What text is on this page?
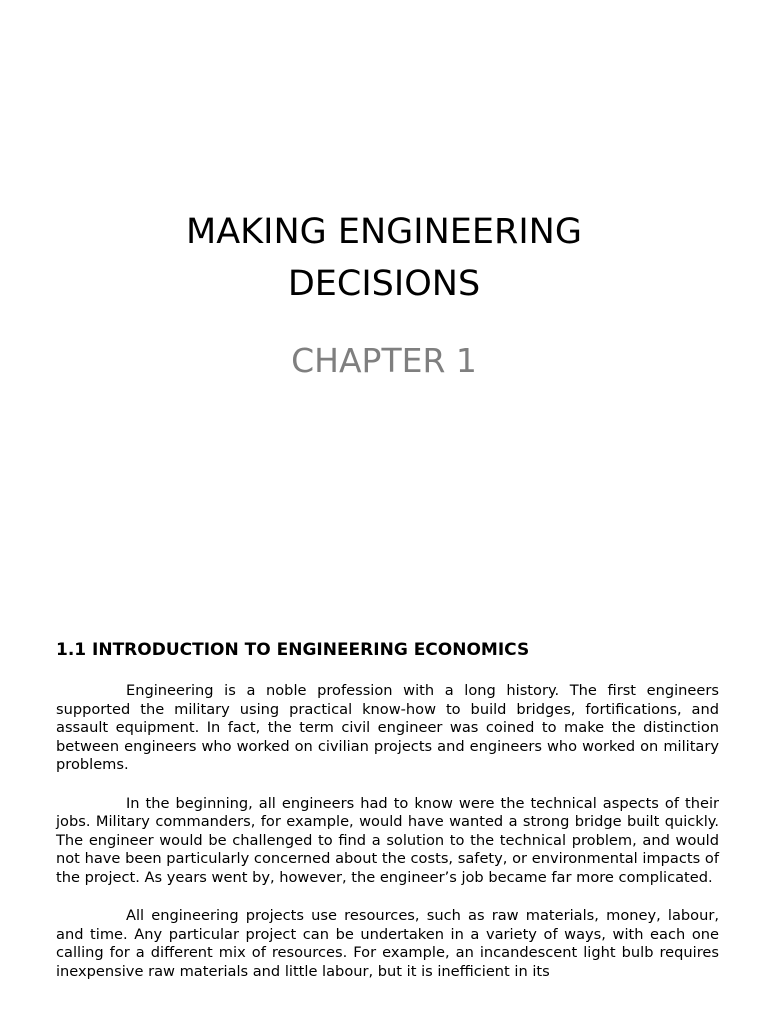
MAKING ENGINEERING
DECISIONS
CHAPTER 1
1.1 INTRODUCTION TO ENGINEERING ECONOMICS

Engineering is a noble profession with a long history. The first engineers supported the military using practical know-how to build bridges, fortifications, and assault equipment. In fact, the term civil engineer was coined to make the distinction between engineers who worked on civilian projects and engineers who worked on military problems.

In the beginning, all engineers had to know were the technical aspects of their jobs. Military commanders, for example, would have wanted a strong bridge built quickly. The engineer would be challenged to find a solution to the technical problem, and would not have been particularly concerned about the costs, safety, or environmental impacts of the project. As years went by, however, the engineer’s job became far more complicated.

All engineering projects use resources, such as raw materials, money, labour, and time. Any particular project can be undertaken in a variety of ways, with each one calling for a different mix of resources. For example, an incandescent light bulb requires inexpensive raw materials and little labour, but it is inefficient in its
